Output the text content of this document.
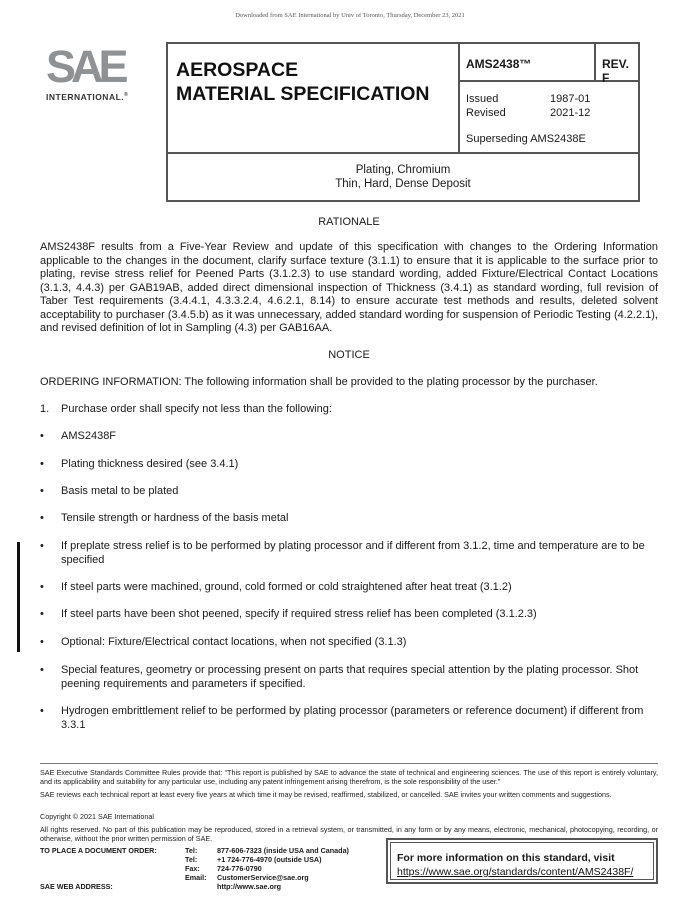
Downloaded from SAE International by Univ of Toronto, Thursday, December 23, 2021
SAE
INTERNATIONAL.®
AEROSPACE
MATERIAL SPECIFICATION
AMS2438™	REV. F
Issued	1987-01
Revised	2021-12
Superseding AMS2438E
Plating, Chromium
Thin, Hard, Dense Deposit
RATIONALE
AMS2438F results from a Five-Year Review and update of this specification with changes to the Ordering Information applicable to the changes in the document, clarify surface texture (3.1.1) to ensure that it is applicable to the surface prior to plating, revise stress relief for Peened Parts (3.1.2.3) to use standard wording, added Fixture/Electrical Contact Locations (3.1.3, 4.4.3) per GAB19AB, added direct dimensional inspection of Thickness (3.4.1) as standard wording, full revision of Taber Test requirements (3.4.4.1, 4.3.3.2.4, 4.6.2.1, 8.14) to ensure accurate test methods and results, deleted solvent acceptability to purchaser (3.4.5.b) as it was unnecessary, added standard wording for suspension of Periodic Testing (4.2.2.1), and revised definition of lot in Sampling (4.3) per GAB16AA.
NOTICE
ORDERING INFORMATION: The following information shall be provided to the plating processor by the purchaser.
1. Purchase order shall specify not less than the following:
• AMS2438F
• Plating thickness desired (see 3.4.1)
• Basis metal to be plated
• Tensile strength or hardness of the basis metal
• If preplate stress relief is to be performed by plating processor and if different from 3.1.2, time and temperature are to be specified
• If steel parts were machined, ground, cold formed or cold straightened after heat treat (3.1.2)
• If steel parts have been shot peened, specify if required stress relief has been completed (3.1.2.3)
• Optional: Fixture/Electrical contact locations, when not specified (3.1.3)
• Special features, geometry or processing present on parts that requires special attention by the plating processor. Shot peening requirements and parameters if specified.
• Hydrogen embrittlement relief to be performed by plating processor (parameters or reference document) if different from 3.3.1
SAE Executive Standards Committee Rules provide that: “This report is published by SAE to advance the state of technical and engineering sciences. The use of this report is entirely voluntary, and its applicability and suitability for any particular use, including any patent infringement arising therefrom, is the sole responsibility of the user.”
SAE reviews each technical report at least every five years at which time it may be revised, reaffirmed, stabilized, or cancelled. SAE invites your written comments and suggestions.
Copyright © 2021 SAE International
All rights reserved. No part of this publication may be reproduced, stored in a retrieval system, or transmitted, in any form or by any means, electronic, mechanical, photocopying, recording, or otherwise, without the prior written permission of SAE.
TO PLACE A DOCUMENT ORDER:	Tel:	877-606-7323 (inside USA and Canada)
Tel:	+1 724-776-4970 (outside USA)
Fax: 724-776-0790
Email: CustomerService@sae.org
SAE WEB ADDRESS:	http://www.sae.org
For more information on this standard, visit
https://www.sae.org/standards/content/AMS2438F/
